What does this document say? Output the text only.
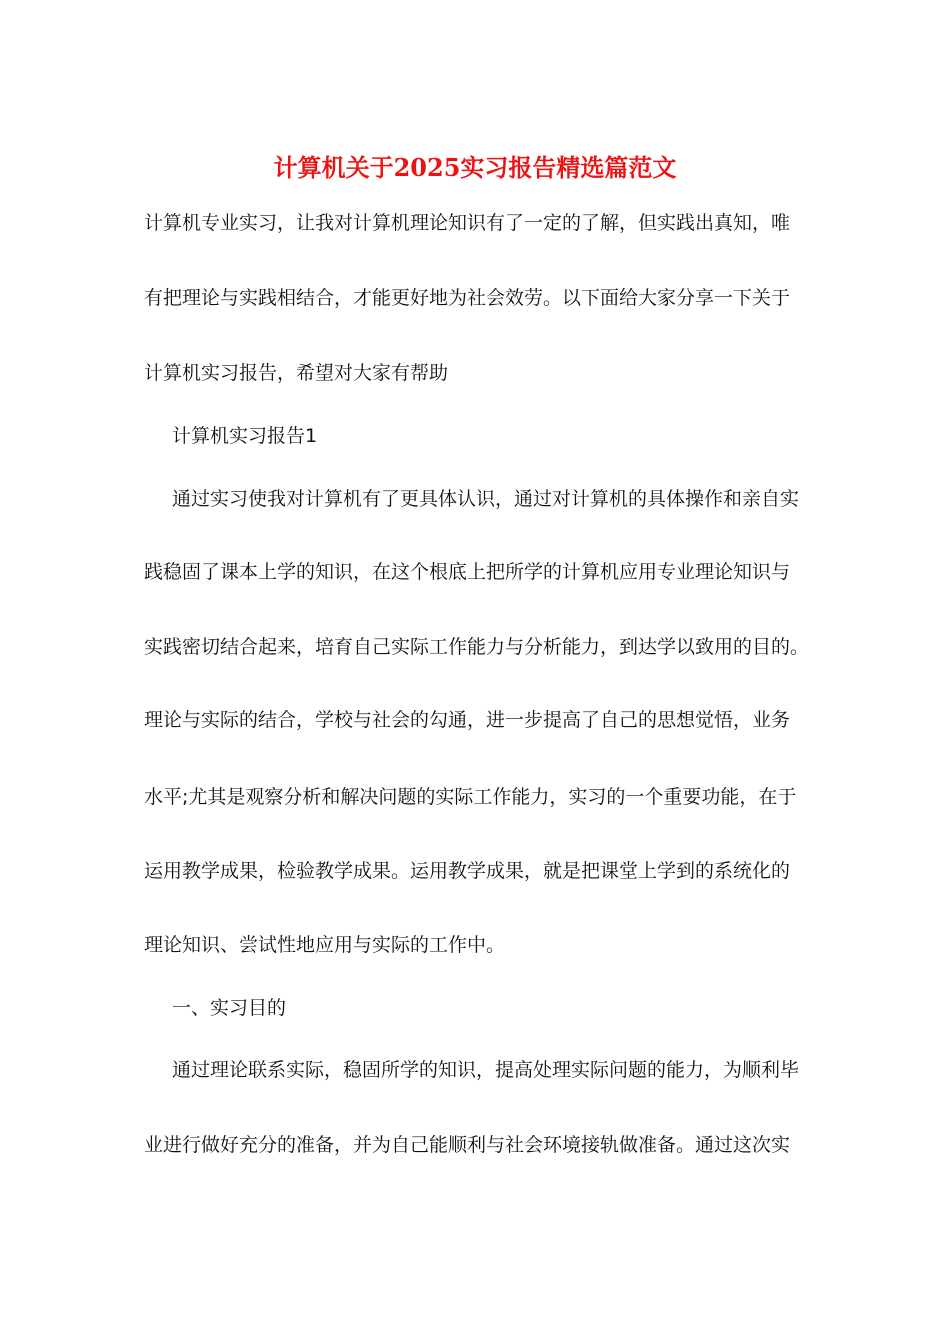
计算机关于2025实习报告精选篇范文

计算机专业实习，让我对计算机理论知识有了一定的了解，但实践出真知，唯

有把理论与实践相结合，才能更好地为社会效劳。以下面给大家分享一下关于

计算机实习报告，希望对大家有帮助

计算机实习报告1

通过实习使我对计算机有了更具体认识，通过对计算机的具体操作和亲自实

践稳固了课本上学的知识，在这个根底上把所学的计算机应用专业理论知识与

实践密切结合起来，培育自己实际工作能力与分析能力，到达学以致用的目的。

理论与实际的结合，学校与社会的勾通，进一步提高了自己的思想觉悟，业务

水平;尤其是观察分析和解决问题的实际工作能力，实习的一个重要功能，在于

运用教学成果，检验教学成果。运用教学成果，就是把课堂上学到的系统化的

理论知识、尝试性地应用与实际的工作中。

一、实习目的

通过理论联系实际，稳固所学的知识，提高处理实际问题的能力，为顺利毕

业进行做好充分的准备，并为自己能顺利与社会环境接轨做准备。通过这次实
